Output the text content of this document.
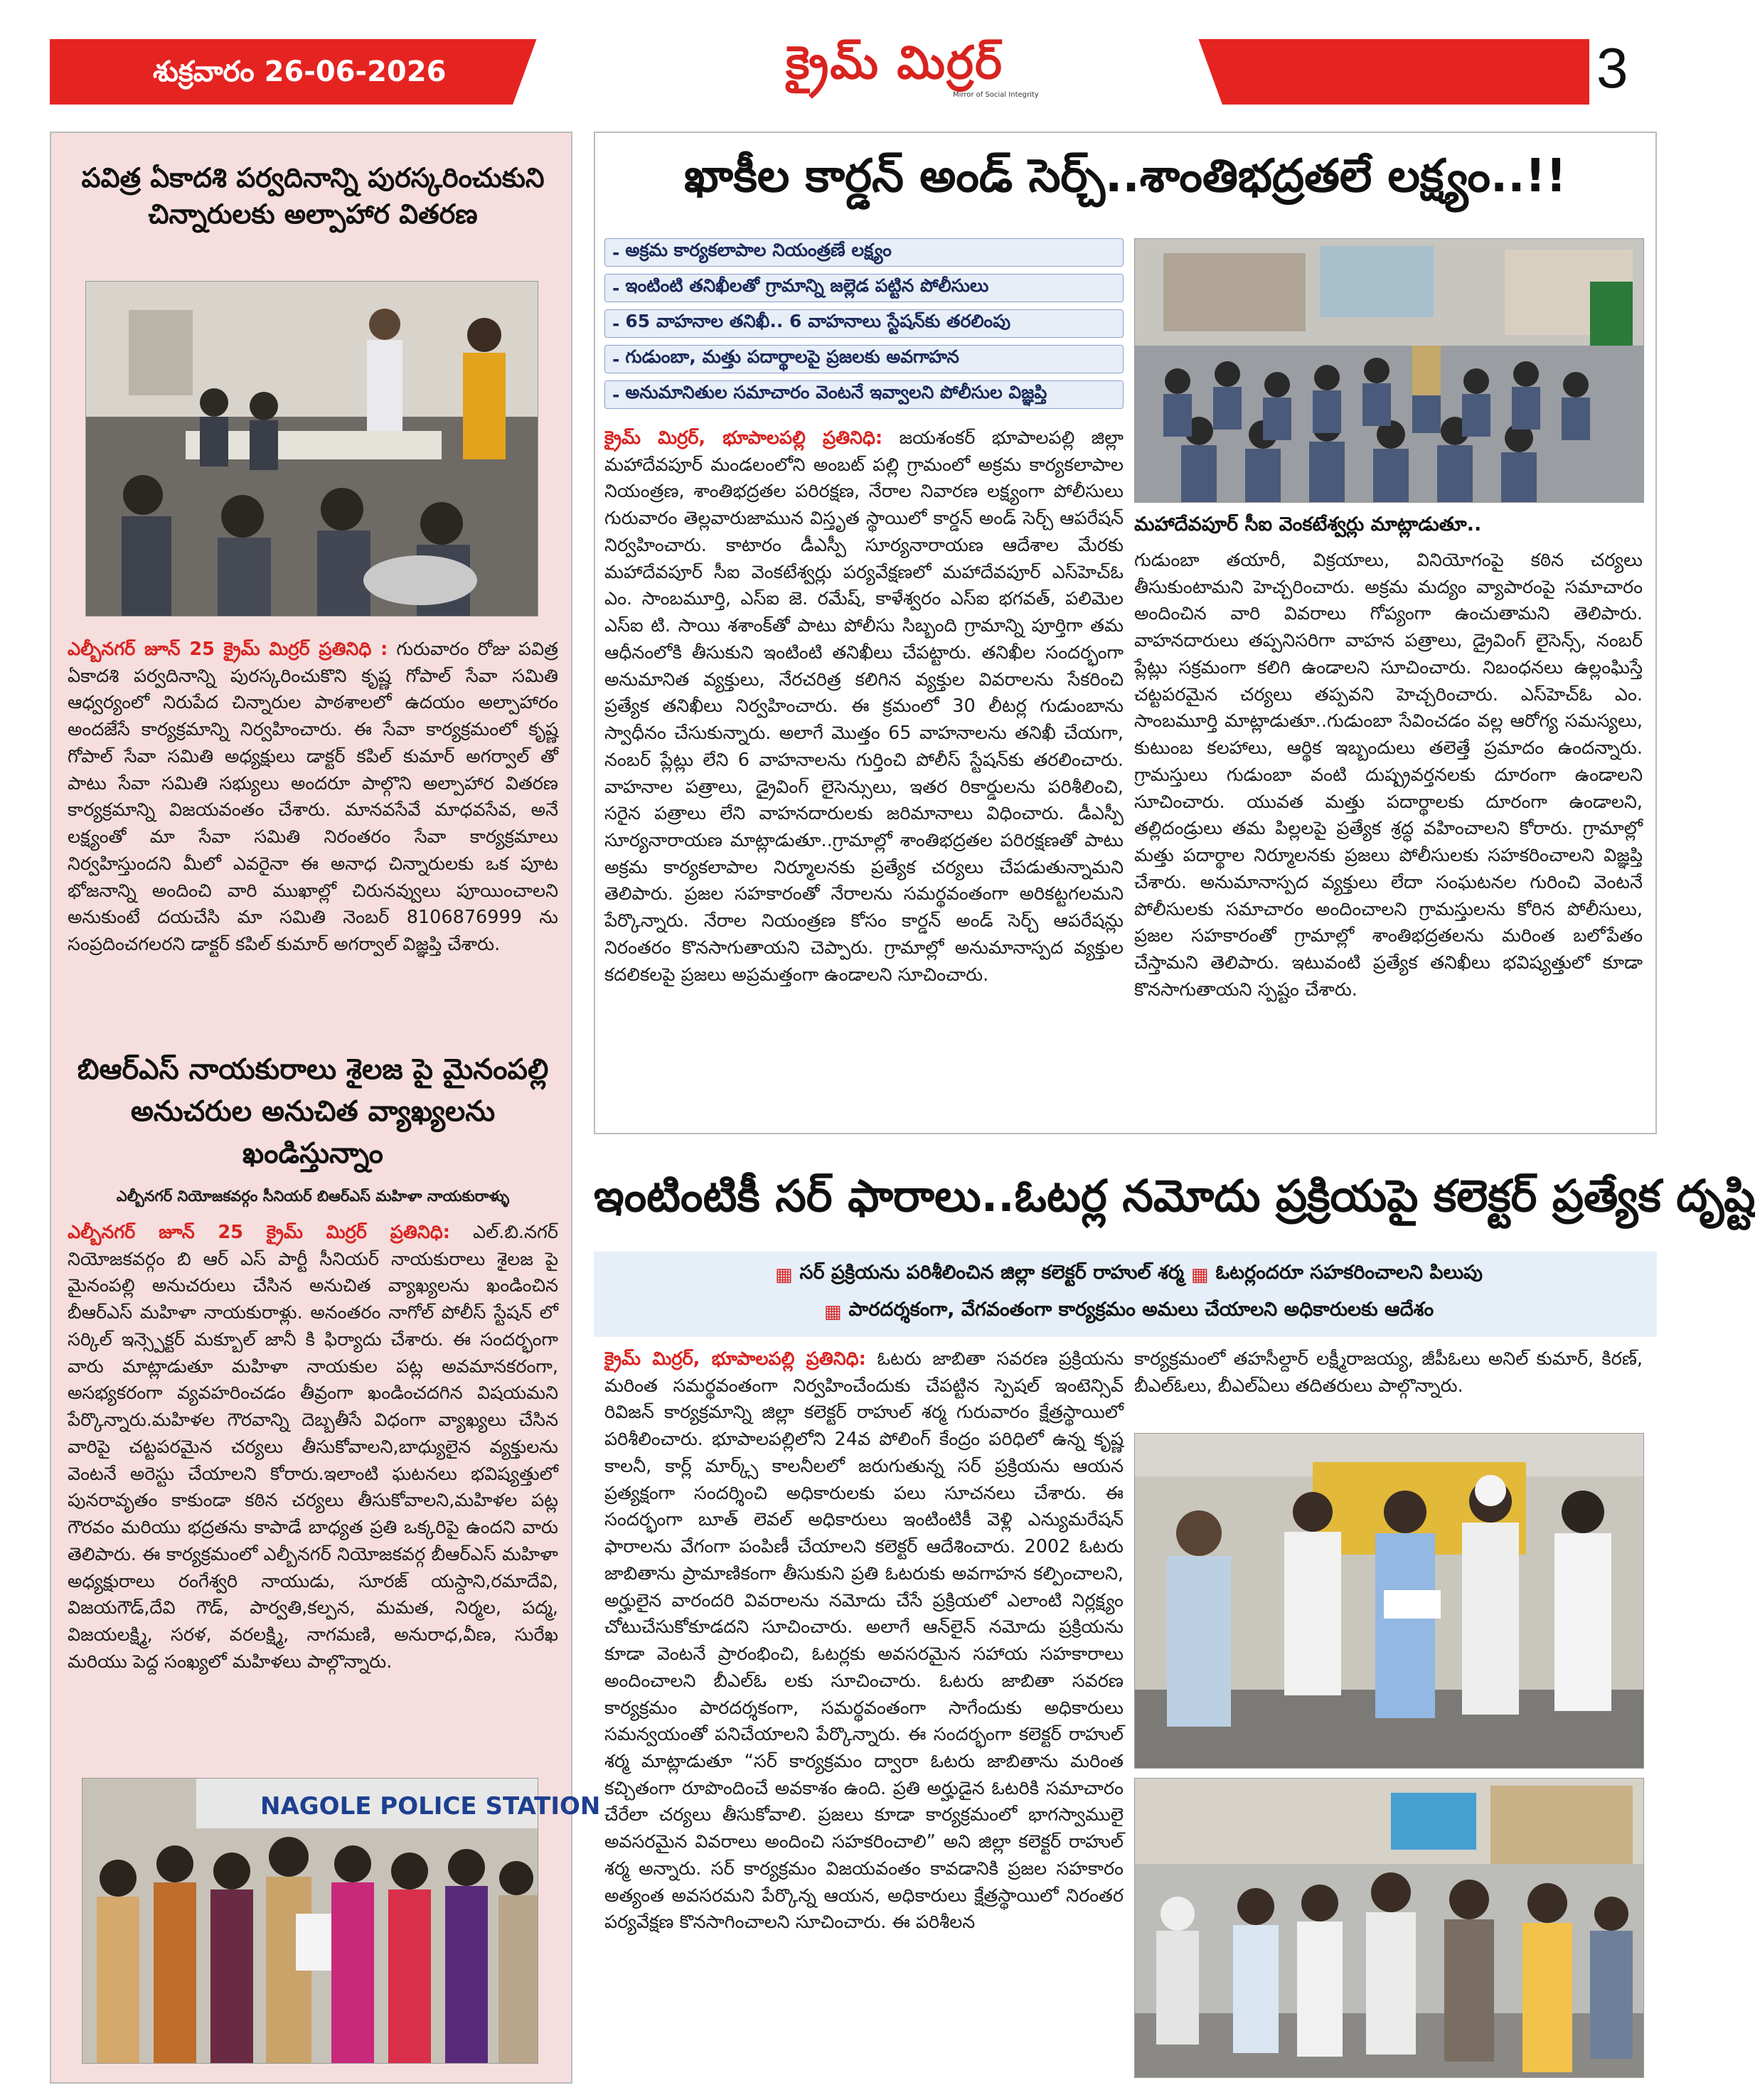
శుక్రవారం 26-06-2026	క్రైమ్ మిర్రర్
Mirror of Social Integrity	3
పవిత్ర ఏకాదశి పర్వదినాన్ని పురస్కరించుకుని చిన్నారులకు అల్పాహార వితరణ
ఎల్బీనగర్ జూన్ 25 క్రైమ్ మిర్రర్ ప్రతినిధి : గురువారం రోజు పవిత్ర ఏకాదశి పర్వదినాన్ని పురస్కరించుకొని కృష్ణ గోపాల్ సేవా సమితి ఆధ్వర్యంలో నిరుపేద చిన్నారుల పాఠశాలలో ఉదయం అల్పాహారం అందజేసే కార్యక్రమాన్ని నిర్వహించారు. ఈ సేవా కార్యక్రమంలో కృష్ణ గోపాల్ సేవా సమితి అధ్యక్షులు డాక్టర్ కపిల్ కుమార్ అగర్వాల్ తో పాటు సేవా సమితి సభ్యులు అందరూ పాల్గొని అల్పాహార వితరణ కార్యక్రమాన్ని విజయవంతం చేశారు. మానవసేవే మాధవసేవ, అనే లక్ష్యంతో మా సేవా సమితి నిరంతరం సేవా కార్యక్రమాలు నిర్వహిస్తుందని మీలో ఎవరైనా ఈ అనాధ చిన్నారులకు ఒక పూట భోజనాన్ని అందించి వారి ముఖాల్లో చిరునవ్వులు పూయించాలని అనుకుంటే దయచేసి మా సమితి నెంబర్ 8106876999 ను సంప్రదించగలరని డాక్టర్ కపిల్ కుమార్ అగర్వాల్ విజ్ఞప్తి చేశారు.
బిఆర్ఎస్ నాయకురాలు శైలజ పై మైనంపల్లి అనుచరుల అనుచిత వ్యాఖ్యలను ఖండిస్తున్నాం
ఎల్బీనగర్ నియోజకవర్గం సీనియర్ బిఆర్ఎస్ మహిళా నాయకురాళ్ళు
ఎల్బీనగర్ జూన్ 25 క్రైమ్ మిర్రర్ ప్రతినిధి: ఎల్.బి.నగర్ నియోజకవర్గం బి ఆర్ ఎస్ పార్టీ సీనియర్ నాయకురాలు శైలజ పై మైనంపల్లి అనుచరులు చేసిన అనుచిత వ్యాఖ్యలను ఖండించిన బీఆర్ఎస్ మహిళా నాయకురాళ్లు. అనంతరం నాగోల్ పోలీస్ స్టేషన్ లో సర్కిల్ ఇన్స్పెక్టర్ మక్బూల్ జానీ కి ఫిర్యాదు చేశారు. ఈ సందర్భంగా వారు మాట్లాడుతూ మహిళా నాయకుల పట్ల అవమానకరంగా, అసభ్యకరంగా వ్యవహరించడం తీవ్రంగా ఖండించదగిన విషయమని పేర్కొన్నారు.మహిళల గౌరవాన్ని దెబ్బతీసే విధంగా వ్యాఖ్యలు చేసిన వారిపై చట్టపరమైన చర్యలు తీసుకోవాలని,బాధ్యులైన వ్యక్తులను వెంటనే అరెస్టు చేయాలని కోరారు.ఇలాంటి ఘటనలు భవిష్యత్తులో పునరావృతం కాకుండా కఠిన చర్యలు తీసుకోవాలని,మహిళల పట్ల గౌరవం మరియు భద్రతను కాపాడే బాధ్యత ప్రతి ఒక్కరిపై ఉందని వారు తెలిపారు. ఈ కార్యక్రమంలో ఎల్బీనగర్ నియోజకవర్గ బీఆర్ఎస్ మహిళా అధ్యక్షురాలు రంగేశ్వరి నాయుడు, సూరజ్ యస్దాని,రమాదేవి, విజయగౌడ్,దేవి గౌడ్, పార్వతి,కల్పన, మమత, నిర్మల, పద్మ, విజయలక్ష్మి, సరళ, వరలక్ష్మి, నాగమణి, అనురాధ,వీణ, సురేఖ మరియు పెద్ద సంఖ్యలో మహిళలు పాల్గొన్నారు.
NAGOLE POLICE STATION
ఖాకీల కార్డన్ అండ్ సెర్చ్..శాంతిభద్రతలే లక్ష్యం..!!
- అక్రమ కార్యకలాపాల నియంత్రణే లక్ష్యం
- ఇంటింటి తనిఖీలతో గ్రామాన్ని జల్లెడ పట్టిన పోలీసులు
- 65 వాహనాల తనిఖీ.. 6 వాహనాలు స్టేషన్‌కు తరలింపు
- గుడుంబా, మత్తు పదార్థాలపై ప్రజలకు అవగాహన
- అనుమానితుల సమాచారం వెంటనే ఇవ్వాలని పోలీసుల విజ్ఞప్తి
క్రైమ్ మిర్రర్, భూపాలపల్లి ప్రతినిధి: జయశంకర్ భూపాలపల్లి జిల్లా మహాదేవపూర్ మండలంలోని అంబట్ పల్లి గ్రామంలో అక్రమ కార్యకలాపాల నియంత్రణ, శాంతిభద్రతల పరిరక్షణ, నేరాల నివారణ లక్ష్యంగా పోలీసులు గురువారం తెల్లవారుజామున విస్తృత స్థాయిలో కార్డన్ అండ్ సెర్చ్ ఆపరేషన్ నిర్వహించారు. కాటారం డీఎస్పీ సూర్యనారాయణ ఆదేశాల మేరకు మహాదేవపూర్ సీఐ వెంకటేశ్వర్లు పర్యవేక్షణలో మహాదేవపూర్ ఎస్‌హెచ్ఓ ఎం. సాంబమూర్తి, ఎస్ఐ జె. రమేష్, కాళేశ్వరం ఎస్ఐ భగవత్, పలిమెల ఎస్ఐ టి. సాయి శశాంక్‌తో పాటు పోలీసు సిబ్బంది గ్రామాన్ని పూర్తిగా తమ ఆధీనంలోకి తీసుకుని ఇంటింటి తనిఖీలు చేపట్టారు. తనిఖీల సందర్భంగా అనుమానిత వ్యక్తులు, నేరచరిత్ర కలిగిన వ్యక్తుల వివరాలను సేకరించి ప్రత్యేక తనిఖీలు నిర్వహించారు. ఈ క్రమంలో 30 లీటర్ల గుడుంబాను స్వాధీనం చేసుకున్నారు. అలాగే మొత్తం 65 వాహనాలను తనిఖీ చేయగా, నంబర్ ప్లేట్లు లేని 6 వాహనాలను గుర్తించి పోలీస్ స్టేషన్‌కు తరలించారు. వాహనాల పత్రాలు, డ్రైవింగ్ లైసెన్సులు, ఇతర రికార్డులను పరిశీలించి, సరైన పత్రాలు లేని వాహనదారులకు జరిమానాలు విధించారు. డీఎస్పీ సూర్యనారాయణ మాట్లాడుతూ..గ్రామాల్లో శాంతిభద్రతల పరిరక్షణతో పాటు అక్రమ కార్యకలాపాల నిర్మూలనకు ప్రత్యేక చర్యలు చేపడుతున్నామని తెలిపారు. ప్రజల సహకారంతో నేరాలను సమర్థవంతంగా అరికట్టగలమని పేర్కొన్నారు. నేరాల నియంత్రణ కోసం కార్డన్ అండ్ సెర్చ్ ఆపరేషన్లు నిరంతరం కొనసాగుతాయని చెప్పారు. గ్రామాల్లో అనుమానాస్పద వ్యక్తుల కదలికలపై ప్రజలు అప్రమత్తంగా ఉండాలని సూచించారు.
మహాదేవపూర్ సీఐ వెంకటేశ్వర్లు మాట్లాడుతూ..
గుడుంబా తయారీ, విక్రయాలు, వినియోగంపై కఠిన చర్యలు తీసుకుంటామని హెచ్చరించారు. అక్రమ మద్యం వ్యాపారంపై సమాచారం అందించిన వారి వివరాలు గోప్యంగా ఉంచుతామని తెలిపారు. వాహనదారులు తప్పనిసరిగా వాహన పత్రాలు, డ్రైవింగ్ లైసెన్స్, నంబర్ ప్లేట్లు సక్రమంగా కలిగి ఉండాలని సూచించారు. నిబంధనలు ఉల్లంఘిస్తే చట్టపరమైన చర్యలు తప్పవని హెచ్చరించారు. ఎస్‌హెచ్ఓ ఎం. సాంబమూర్తి మాట్లాడుతూ..గుడుంబా సేవించడం వల్ల ఆరోగ్య సమస్యలు, కుటుంబ కలహాలు, ఆర్థిక ఇబ్బందులు తలెత్తే ప్రమాదం ఉందన్నారు. గ్రామస్తులు గుడుంబా వంటి దుష్ప్రవర్తనలకు దూరంగా ఉండాలని సూచించారు. యువత మత్తు పదార్థాలకు దూరంగా ఉండాలని, తల్లిదండ్రులు తమ పిల్లలపై ప్రత్యేక శ్రద్ధ వహించాలని కోరారు. గ్రామాల్లో మత్తు పదార్థాల నిర్మూలనకు ప్రజలు పోలీసులకు సహకరించాలని విజ్ఞప్తి చేశారు. అనుమానాస్పద వ్యక్తులు లేదా సంఘటనల గురించి వెంటనే పోలీసులకు సమాచారం అందించాలని గ్రామస్తులను కోరిన పోలీసులు, ప్రజల సహకారంతో గ్రామాల్లో శాంతిభద్రతలను మరింత బలోపేతం చేస్తామని తెలిపారు. ఇటువంటి ప్రత్యేక తనిఖీలు భవిష్యత్తులో కూడా కొనసాగుతాయని స్పష్టం చేశారు.
ఇంటింటికీ సర్ ఫారాలు..ఓటర్ల నమోదు ప్రక్రియపై కలెక్టర్ ప్రత్యేక దృష్టి
▦ సర్ ప్రక్రియను పరిశీలించిన జిల్లా కలెక్టర్ రాహుల్ శర్మ ▦ ఓటర్లందరూ సహకరించాలని పిలుపు
▦ పారదర్శకంగా, వేగవంతంగా కార్యక్రమం అమలు చేయాలని అధికారులకు ఆదేశం
క్రైమ్ మిర్రర్, భూపాలపల్లి ప్రతినిధి: ఓటరు జాబితా సవరణ ప్రక్రియను మరింత సమర్థవంతంగా నిర్వహించేందుకు చేపట్టిన స్పెషల్ ఇంటెన్సివ్ రివిజన్ కార్యక్రమాన్ని జిల్లా కలెక్టర్ రాహుల్ శర్మ గురువారం క్షేత్రస్థాయిలో పరిశీలించారు. భూపాలపల్లిలోని 24వ పోలింగ్ కేంద్రం పరిధిలో ఉన్న కృష్ణ కాలనీ, కార్ల్ మార్క్స్ కాలనీలలో జరుగుతున్న సర్ ప్రక్రియను ఆయన ప్రత్యక్షంగా సందర్శించి అధికారులకు పలు సూచనలు చేశారు. ఈ సందర్భంగా బూత్ లెవల్ అధికారులు ఇంటింటికీ వెళ్లి ఎన్యుమరేషన్ ఫారాలను వేగంగా పంపిణీ చేయాలని కలెక్టర్ ఆదేశించారు. 2002 ఓటరు జాబితాను ప్రామాణికంగా తీసుకుని ప్రతి ఓటరుకు అవగాహన కల్పించాలని, అర్హులైన వారందరి వివరాలను నమోదు చేసే ప్రక్రియలో ఎలాంటి నిర్లక్ష్యం చోటుచేసుకోకూడదని సూచించారు. అలాగే ఆన్‌లైన్ నమోదు ప్రక్రియను కూడా వెంటనే ప్రారంభించి, ఓటర్లకు అవసరమైన సహాయ సహకారాలు అందించాలని బీఎల్ఓ లకు సూచించారు. ఓటరు జాబితా సవరణ కార్యక్రమం పారదర్శకంగా, సమర్థవంతంగా సాగేందుకు అధికారులు సమన్వయంతో పనిచేయాలని పేర్కొన్నారు. ఈ సందర్భంగా కలెక్టర్ రాహుల్ శర్మ మాట్లాడుతూ “సర్ కార్యక్రమం ద్వారా ఓటరు జాబితాను మరింత కచ్చితంగా రూపొందించే అవకాశం ఉంది. ప్రతి అర్హుడైన ఓటరికి సమాచారం చేరేలా చర్యలు తీసుకోవాలి. ప్రజలు కూడా కార్యక్రమంలో భాగస్వాములై అవసరమైన వివరాలు అందించి సహకరించాలి” అని జిల్లా కలెక్టర్ రాహుల్ శర్మ అన్నారు. సర్ కార్యక్రమం విజయవంతం కావడానికి ప్రజల సహకారం అత్యంత అవసరమని పేర్కొన్న ఆయన, అధికారులు క్షేత్రస్థాయిలో నిరంతర పర్యవేక్షణ కొనసాగించాలని సూచించారు. ఈ పరిశీలన
కార్యక్రమంలో తహసీల్దార్ లక్ష్మీరాజయ్య, జీపీఓలు అనిల్ కుమార్, కిరణ్, బీఎల్ఓలు, బీఎల్ఏలు తదితరులు పాల్గొన్నారు.
